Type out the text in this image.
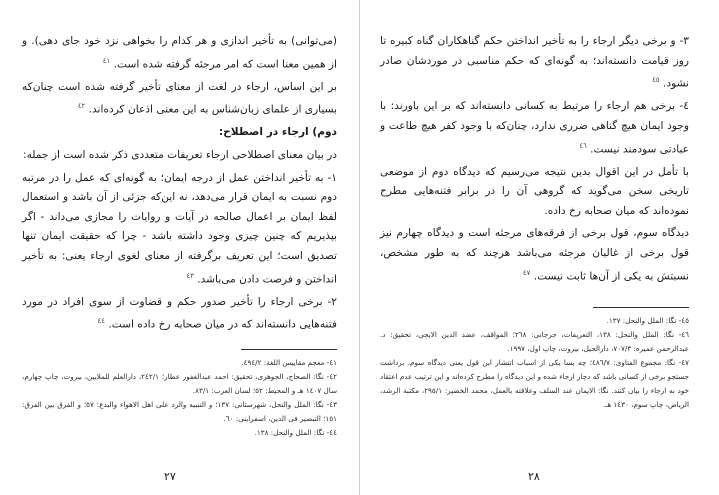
(می‌توانی) به تأخیر اندازی و هر کدام را بخواهی نزد خود جای دهی). و از همین معنا است که امر مرجئه گرفته شده است. $^{٤١}$

بر این اساس، ارجاء در لغت از معنای تأخیر گرفته شده است چنان‌که بسیاری از علمای زبان‌شناس به این معنی اذعان کرده‌اند. $^{٤٢}$

دوم) ارجاء در اصطلاح:

در بیان معنای اصطلاحی ارجاء تعریفات متعددی ذکر شده است از جمله:

١- به تأخیر انداختن عمل از درجه ایمان؛ به گونه‌ای که عمل را در مرتبه دوم نسبت به ایمان قرار می‌دهد، نه این‌که جزئی از آن باشد و استعمال لفظ ایمان بر اعمال صالحه در آیات و روایات را مجازی می‌داند - اگر بپذیریم که چنین چیزی وجود داشته باشد - چرا که حقیقت ایمان تنها تصدیق است؛ این تعریف برگرفته از معنای لغوی ارجاء یعنی: به تأخیر انداختن و فرصت دادن می‌باشد. $^{٤٣}$

٢- برخی ارجاء را تأخیر صدور حکم و قضاوت از سوی افراد در مورد فتنه‌هایی دانسته‌اند که در میان صحابه رخ داده است. $^{٤٤}$

٤١- معجم مقاییس اللغة: ٤٩٤/٢.

٤٢- نگا: الصحاح، الجوهری، تحقیق: احمد عبدالغفور عطار؛ ٢٤٢/١، دارالعلم للملایین، بیروت، چاپ چهارم، سال ١٤٠٧ هـ و المحیط: ٥٢؛ لسان العرب: ٨٣/١.

٤٣- نگا: الملل والنحل، شهرستانی: ١٣٧؛ و التنبیه والرد علی اهل الاهواء والبدع: ٥٧؛ و الفرق بین الفرق: ١٥١؛ التبصیر فی الدین، اسفراینی: ٦٠.

٤٤- نگا: الملل والنحل: ١٣٨.

٢٧

٣- و برخی دیگر ارجاء را به تأخیر انداختن حکم گناهکاران گناه کبیره تا روز قیامت دانسته‌اند؛ به گونه‌ای که حکم مناسبی در موردشان صادر نشود. $^{٤٥}$

٤- برخی هم ارجاء را مرتبط به کسانی دانسته‌اند که بر این باورند: با وجود ایمان هیچ گناهی ضرری ندارد، چنان‌که با وجود کفر هیچ طاعت و عبادتی سودمند نیست. $^{٤٦}$

با تأمل در این اقوال بدین نتیجه می‌رسیم که دیدگاه دوم از موضعی تاریخی سخن می‌گوید که گروهی آن را در برابر فتنه‌هایی مطرح نموده‌اند که میان صحابه رخ داده.

دیدگاه سوم، قول برخی از فرقه‌های مرجئه است و دیدگاه چهارم نیز قول برخی از غالیان مرجئه می‌باشد هرچند که به طور مشخص، نسبتش به یکی از آن‌ها ثابت نیست. $^{٤٧}$

٤٥- نگا: الملل والنحل: ١٣٧.

٤٦- نگا: الملل والنحل: ١٣٨، التعریفات، جرجانی: ٢٦٨؛ المواقف، عضد الدین الایجی، تحقیق: د. عبدالرحمن عمیره: ٧٠٧/٣، دارالجیل، بیروت، چاپ اول، ١٩٩٧.

٤٧- نگا: مجموع الفتاوی: ٤٨٦/٧؛ چه بسا یکی از اسباب انتشار این قول یعنی دیدگاه سوم، برداشت جستجو برخی از کسانی باشد که دچار ارجاء شده و این دیدگاه را مطرح کرده‌اند و این ترتیب عدم اعتقاد خود به ارجاء را بیان کنند. نگا: الایمان عند السلف وعلاقته بالعمل، محمد الخضیر: ٢٩٥/١، مکتبة الرشد، الریاض، چاپ سوم، ١٤٣٠ هـ.

٢٨
